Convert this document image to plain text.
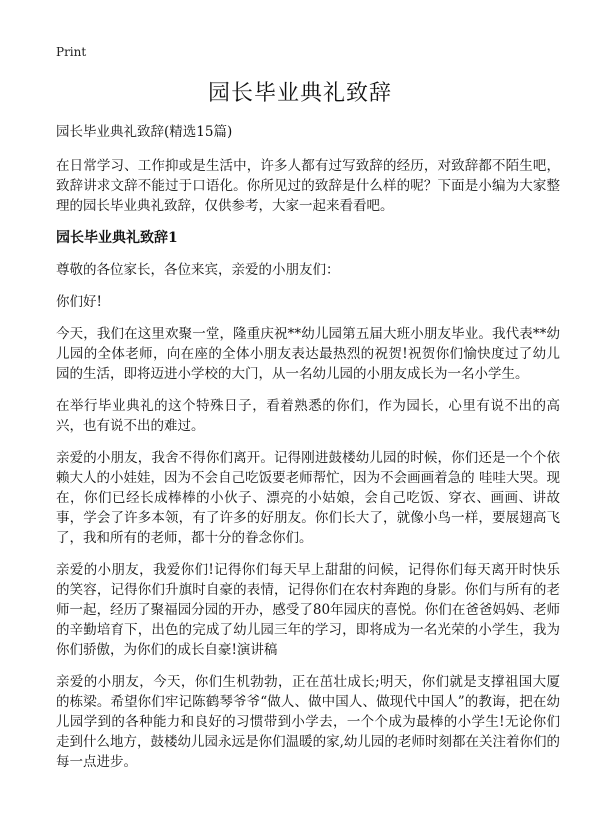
Print
园长毕业典礼致辞

园长毕业典礼致辞(精选15篇)

在日常学习、工作抑或是生活中，许多人都有过写致辞的经历，对致辞都不陌生吧，致辞讲求文辞不能过于口语化。你所见过的致辞是什么样的呢？下面是小编为大家整理的园长毕业典礼致辞，仅供参考，大家一起来看看吧。

园长毕业典礼致辞1

尊敬的各位家长，各位来宾，亲爱的小朋友们：

你们好!

今天，我们在这里欢聚一堂，隆重庆祝**幼儿园第五届大班小朋友毕业。我代表**幼儿园的全体老师，向在座的全体小朋友表达最热烈的祝贺!祝贺你们愉快度过了幼儿园的生活，即将迈进小学校的大门，从一名幼儿园的小朋友成长为一名小学生。

在举行毕业典礼的这个特殊日子，看着熟悉的你们，作为园长，心里有说不出的高兴，也有说不出的难过。

亲爱的小朋友，我舍不得你们离开。记得刚进鼓楼幼儿园的时候，你们还是一个个依赖大人的小娃娃，因为不会自己吃饭要老师帮忙，因为不会画画着急的 哇哇大哭。现在，你们已经长成棒棒的小伙子、漂亮的小姑娘，会自己吃饭、穿衣、画画、讲故事，学会了许多本领，有了许多的好朋友。你们长大了，就像小鸟一样，要展翅高飞了，我和所有的老师，都十分的眷念你们。

亲爱的小朋友，我爱你们!记得你们每天早上甜甜的问候，记得你们每天离开时快乐的笑容，记得你们升旗时自豪的表情，记得你们在农村奔跑的身影。你们与所有的老师一起，经历了聚福园分园的开办，感受了80年园庆的喜悦。你们在爸爸妈妈、老师的辛勤培育下，出色的完成了幼儿园三年的学习，即将成为一名光荣的小学生，我为你们骄傲，为你们的成长自豪!演讲稿

亲爱的小朋友，今天，你们生机勃勃，正在茁壮成长;明天，你们就是支撑祖国大厦的栋梁。希望你们牢记陈鹤琴爷爷“做人、做中国人、做现代中国人”的教诲，把在幼儿园学到的各种能力和良好的习惯带到小学去，一个个成为最棒的小学生!无论你们走到什么地方，鼓楼幼儿园永远是你们温暖的家,幼儿园的老师时刻都在关注着你们的每一点进步。
